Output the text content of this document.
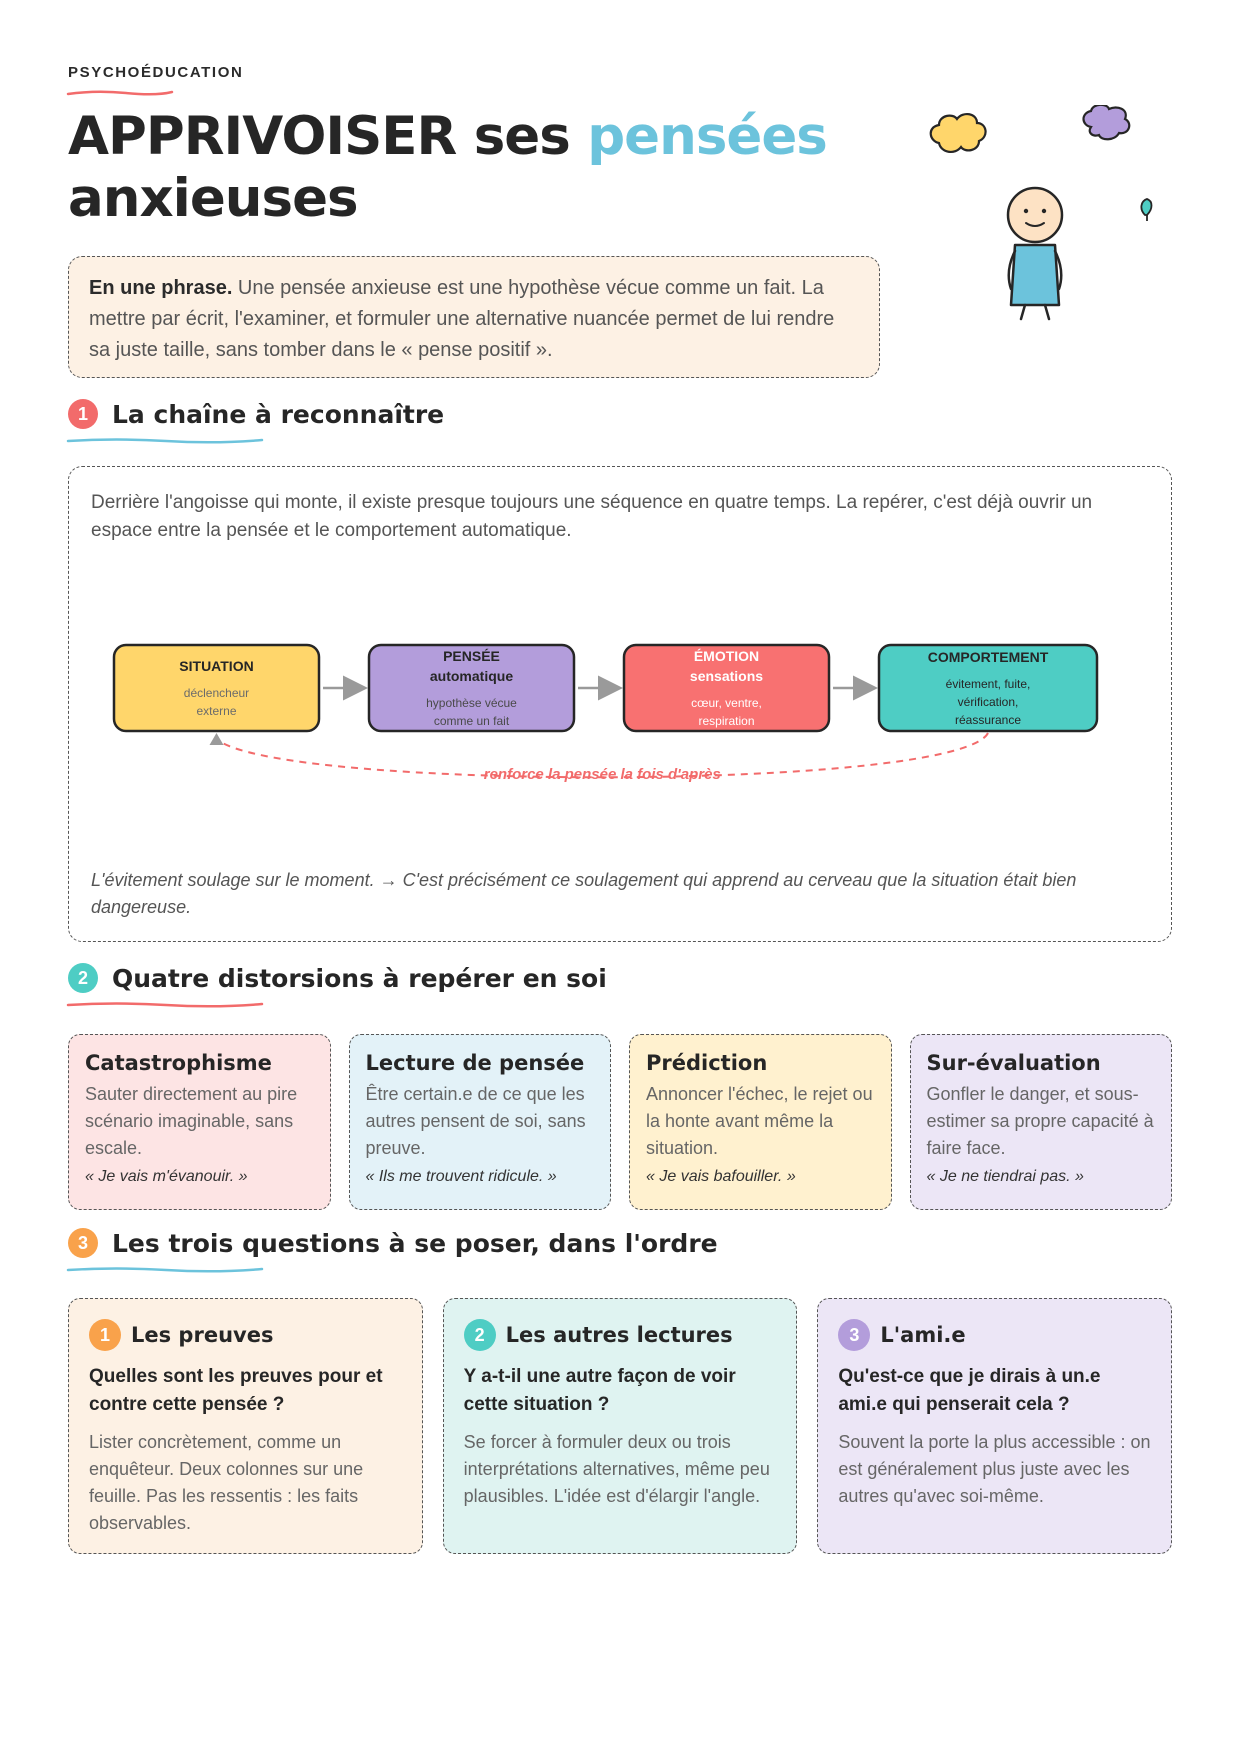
PSYCHOÉDUCATION
APPRIVOISER ses pensées
anxieuses
En une phrase. Une pensée anxieuse est une hypothèse vécue comme un fait. La mettre par écrit, l'examiner, et formuler une alternative nuancée permet de lui rendre sa juste taille, sans tomber dans le « pense positif ».
1 La chaîne à reconnaître
Derrière l'angoisse qui monte, il existe presque toujours une séquence en quatre temps. La repérer, c'est déjà ouvrir un espace entre la pensée et le comportement automatique.
SITUATION
déclencheur
externe
PENSÉE
automatique
hypothèse vécue
comme un fait
ÉMOTION
sensations
cœur, ventre,
respiration
COMPORTEMENT
évitement, fuite,
vérification,
réassurance
renforce la pensée la fois d'après
L'évitement soulage sur le moment. → C'est précisément ce soulagement qui apprend au cerveau que la situation était bien dangereuse.
2 Quatre distorsions à repérer en soi
Catastrophisme

Sauter directement au pire scénario imaginable, sans escale.

« Je vais m'évanouir. »
Lecture de pensée

Être certain.e de ce que les autres pensent de soi, sans preuve.

« Ils me trouvent ridicule. »
Prédiction

Annoncer l'échec, le rejet ou la honte avant même la situation.

« Je vais bafouiller. »
Sur-évaluation

Gonfler le danger, et sous-estimer sa propre capacité à faire face.

« Je ne tiendrai pas. »
3 Les trois questions à se poser, dans l'ordre
1	Les preuves
Quelles sont les preuves pour et contre cette pensée ?
Lister concrètement, comme un enquêteur. Deux colonnes sur une feuille. Pas les ressentis : les faits observables.
2	Les autres lectures
Y a-t-il une autre façon de voir cette situation ?
Se forcer à formuler deux ou trois interprétations alternatives, même peu plausibles. L'idée est d'élargir l'angle.
3	L'ami.e
Qu'est-ce que je dirais à un.e ami.e qui penserait cela ?
Souvent la porte la plus accessible : on est généralement plus juste avec les autres qu'avec soi-même.
